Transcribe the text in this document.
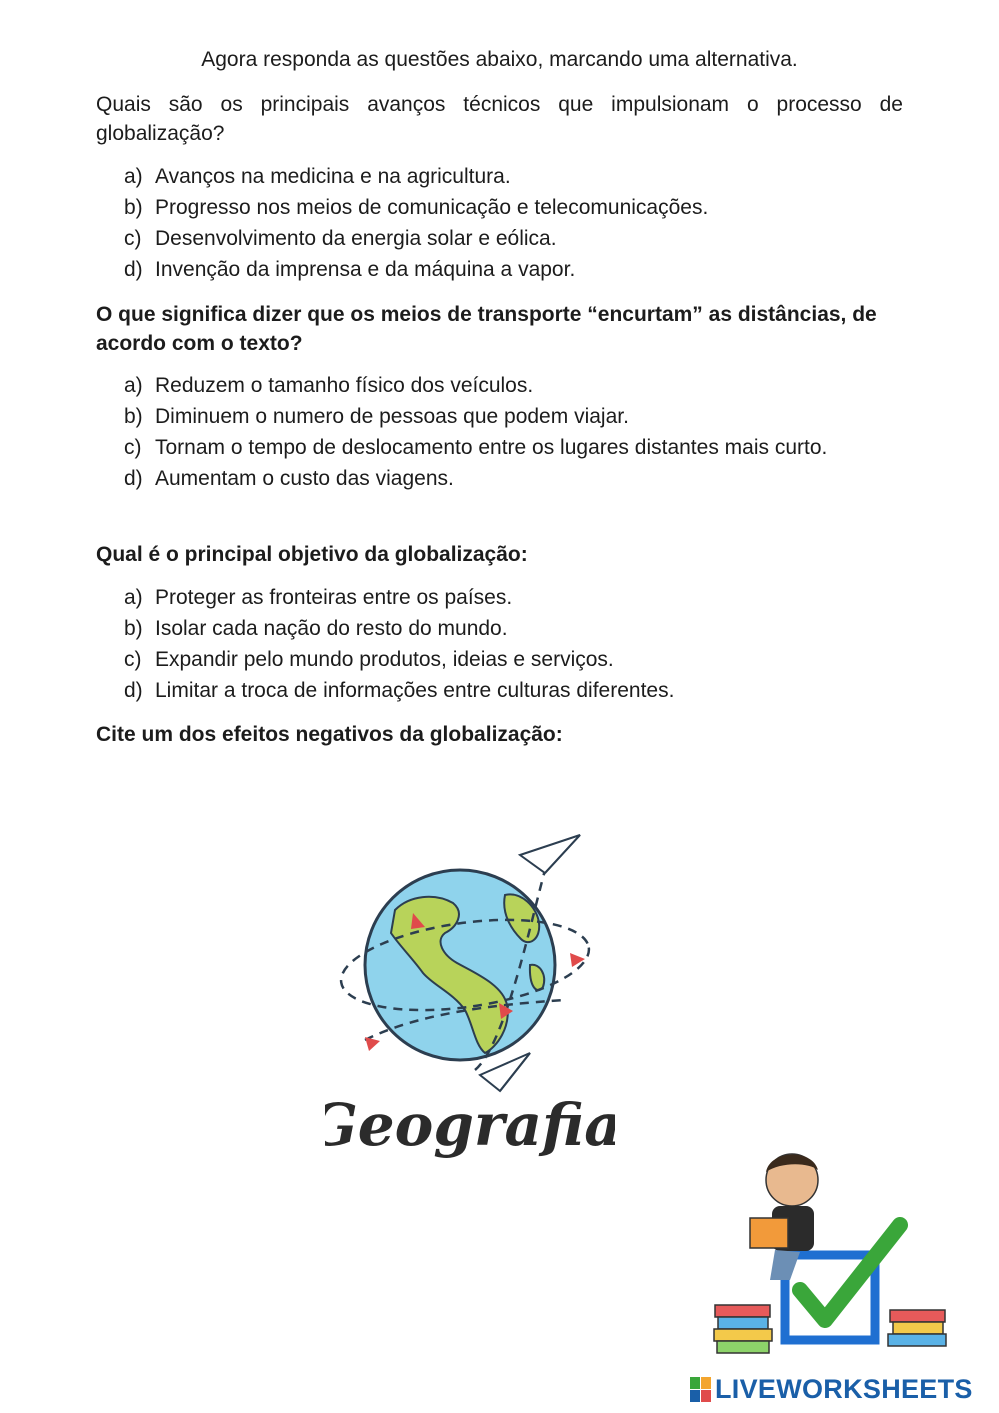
Agora responda as questões abaixo, marcando uma alternativa.
Quais são os principais avanços técnicos que impulsionam o processo de globalização?
a) Avanços na medicina e na agricultura.
b) Progresso nos meios de comunicação e telecomunicações.
c) Desenvolvimento da energia solar e eólica.
d) Invenção da imprensa e da máquina a vapor.
O que significa dizer que os meios de transporte “encurtam” as distâncias, de acordo com o texto?
a) Reduzem o tamanho físico dos veículos.
b) Diminuem o numero de pessoas que podem viajar.
c) Tornam o tempo de deslocamento entre os lugares distantes mais curto.
d) Aumentam o custo das viagens.
Qual é o principal objetivo da globalização:
a) Proteger as fronteiras entre os países.
b) Isolar cada nação do resto do mundo.
c) Expandir pelo mundo produtos, ideias e serviços.
d) Limitar a troca de informações entre culturas diferentes.
Cite um dos efeitos negativos da globalização:
Geografia
LIVEWORKSHEETS
